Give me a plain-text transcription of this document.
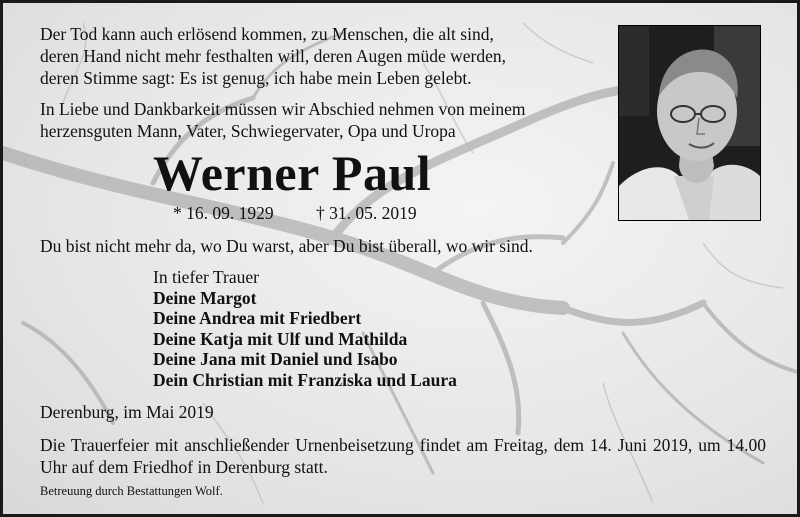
Der Tod kann auch erlösend kommen, zu Menschen, die alt sind,
deren Hand nicht mehr festhalten will, deren Augen müde werden,
deren Stimme sagt: Es ist genug, ich habe mein Leben gelebt.
In Liebe und Dankbarkeit müssen wir Abschied nehmen von meinem
herzensguten Mann, Vater, Schwiegervater, Opa und Uropa
Werner Paul
* 16. 09. 1929 † 31. 05. 2019
Du bist nicht mehr da, wo Du warst, aber Du bist überall, wo wir sind.
In tiefer Trauer
Deine Margot
Deine Andrea mit Friedbert
Deine Katja mit Ulf und Mathilda
Deine Jana mit Daniel und Isabo
Dein Christian mit Franziska und Laura
Derenburg, im Mai 2019
Die Trauerfeier mit anschließender Urnenbeisetzung findet am Freitag, dem 14. Juni 2019, um 14.00 Uhr auf dem Friedhof in Derenburg statt.
Betreuung durch Bestattungen Wolf.
